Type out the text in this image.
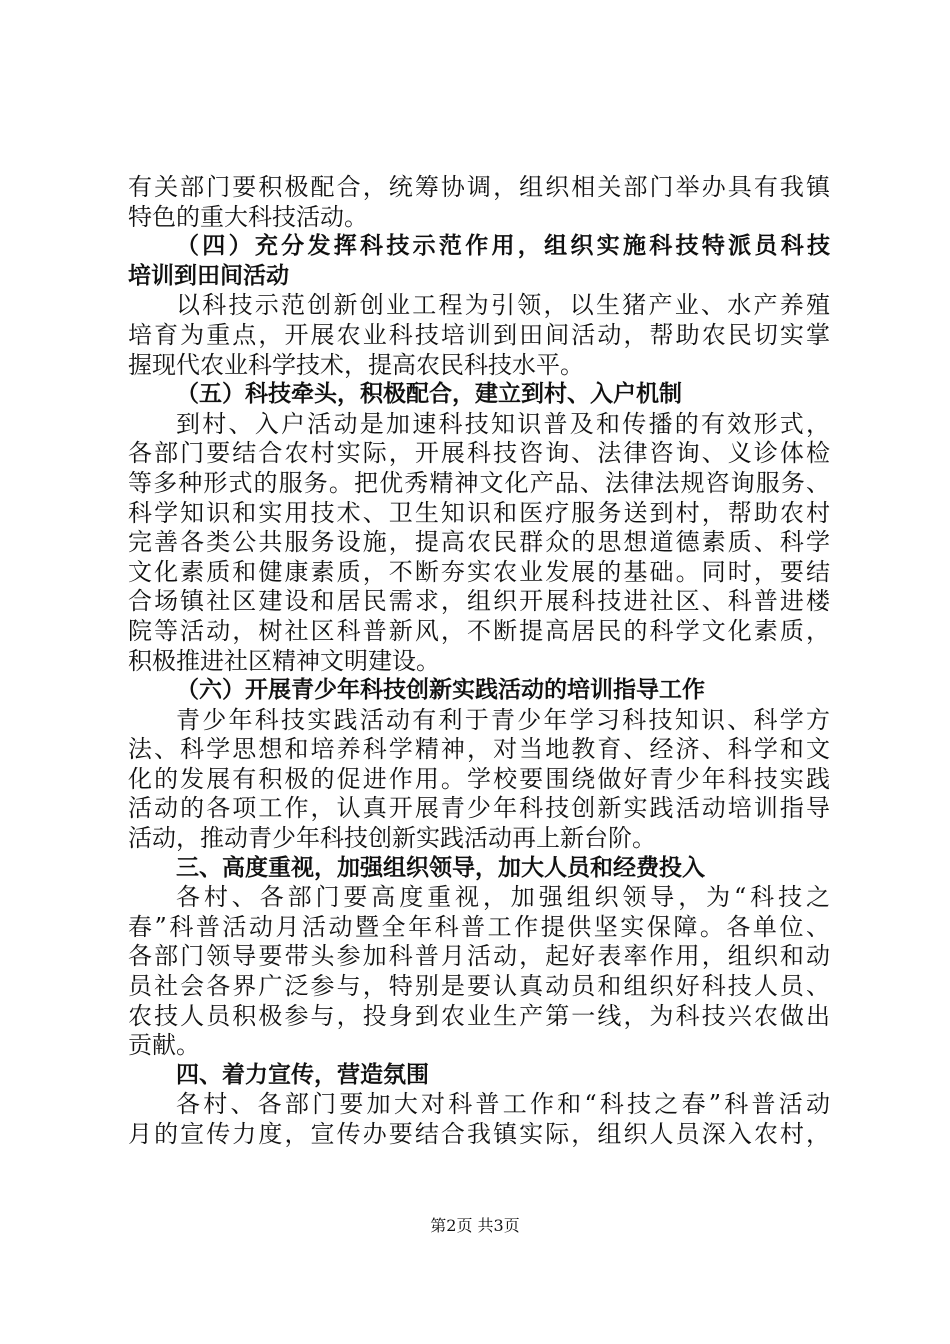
有关部门要积极配合，统筹协调，组织相关部门举办具有我镇
特色的重大科技活动。
（四）充分发挥科技示范作用，组织实施科技特派员科技
培训到田间活动
以科技示范创新创业工程为引领，以生猪产业、水产养殖
培育为重点，开展农业科技培训到田间活动，帮助农民切实掌
握现代农业科学技术，提高农民科技水平。
（五）科技牵头，积极配合，建立到村、入户机制
到村、入户活动是加速科技知识普及和传播的有效形式，
各部门要结合农村实际，开展科技咨询、法律咨询、义诊体检
等多种形式的服务。把优秀精神文化产品、法律法规咨询服务、
科学知识和实用技术、卫生知识和医疗服务送到村，帮助农村
完善各类公共服务设施，提高农民群众的思想道德素质、科学
文化素质和健康素质，不断夯实农业发展的基础。同时，要结
合场镇社区建设和居民需求，组织开展科技进社区、科普进楼
院等活动，树社区科普新风，不断提高居民的科学文化素质，
积极推进社区精神文明建设。
（六）开展青少年科技创新实践活动的培训指导工作
青少年科技实践活动有利于青少年学习科技知识、科学方
法、科学思想和培养科学精神，对当地教育、经济、科学和文
化的发展有积极的促进作用。学校要围绕做好青少年科技实践
活动的各项工作，认真开展青少年科技创新实践活动培训指导
活动，推动青少年科技创新实践活动再上新台阶。
三、高度重视，加强组织领导，加大人员和经费投入
各村、各部门要高度重视，加强组织领导，为“科技之
春”科普活动月活动暨全年科普工作提供坚实保障。各单位、
各部门领导要带头参加科普月活动，起好表率作用，组织和动
员社会各界广泛参与，特别是要认真动员和组织好科技人员、
农技人员积极参与，投身到农业生产第一线，为科技兴农做出
贡献。
四、着力宣传，营造氛围
各村、各部门要加大对科普工作和“科技之春”科普活动
月的宣传力度，宣传办要结合我镇实际，组织人员深入农村，
第2页 共3页
